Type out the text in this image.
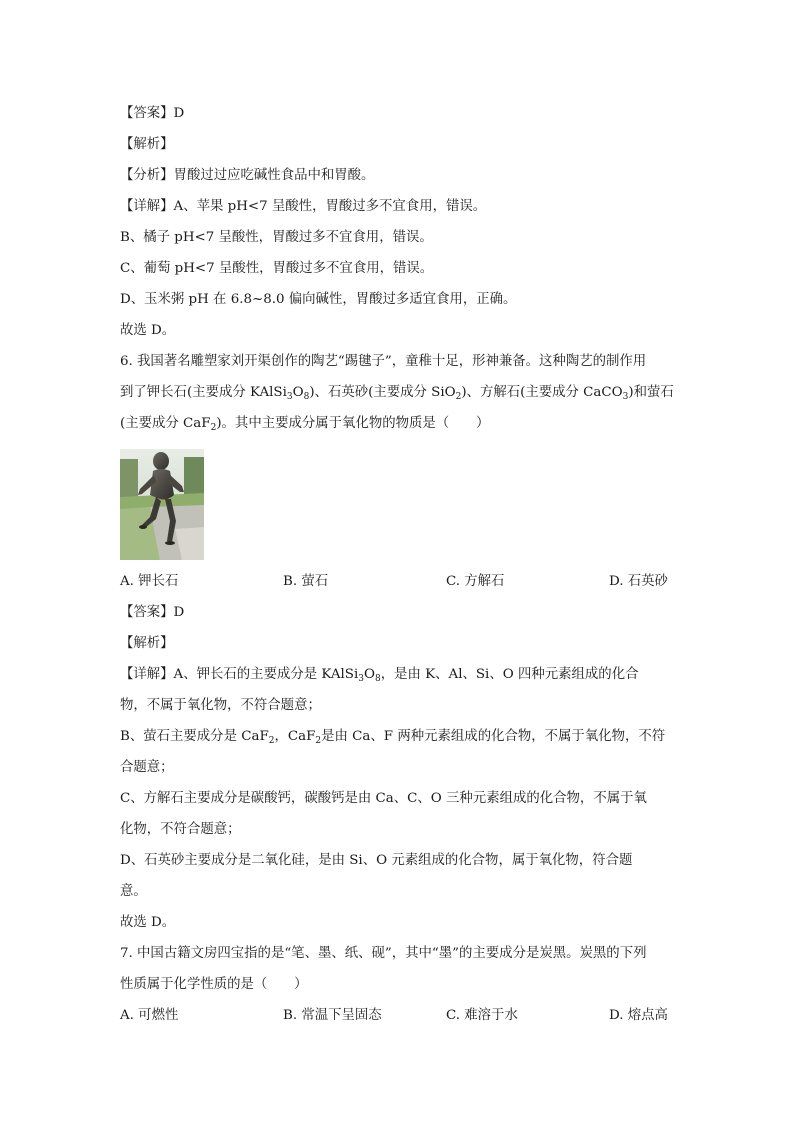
【答案】D
【解析】
【分析】胃酸过过应吃碱性食品中和胃酸。
【详解】A、苹果 pH<7 呈酸性，胃酸过多不宜食用，错误。
B、橘子 pH<7 呈酸性，胃酸过多不宜食用，错误。
C、葡萄 pH<7 呈酸性，胃酸过多不宜食用，错误。
D、玉米粥 pH 在 6.8~8.0 偏向碱性，胃酸过多适宜食用，正确。
故选 D。
6. 我国著名雕塑家刘开渠创作的陶艺“踢毽子”，童稚十足，形神兼备。这种陶艺的制作用
到了钾长石(主要成分 $KAlSi_3O_8$)、石英砂(主要成分 SiO$_2$)、方解石(主要成分 CaCO$_3$)和萤石
(主要成分 CaF$_2$)。其中主要成分属于氧化物的物质是（　　）
A. 钾长石	B. 萤石	C. 方解石	D. 石英砂
【答案】D
【解析】
【详解】A、钾长石的主要成分是 $KAlSi_3O_8$，是由 K、Al、Si、O 四种元素组成的化合
物，不属于氧化物，不符合题意；
B、萤石主要成分是 CaF$_2$，CaF$_2$是由 Ca、F 两种元素组成的化合物，不属于氧化物，不符
合题意；
C、方解石主要成分是碳酸钙，碳酸钙是由 Ca、C、O 三种元素组成的化合物，不属于氧
化物，不符合题意；
D、石英砂主要成分是二氧化硅，是由 Si、O 元素组成的化合物，属于氧化物，符合题
意。
故选 D。
7. 中国古籍文房四宝指的是“笔、墨、纸、砚”，其中“墨”的主要成分是炭黑。炭黑的下列
性质属于化学性质的是（　　）
A. 可燃性	B. 常温下呈固态	C. 难溶于水	D. 熔点高
